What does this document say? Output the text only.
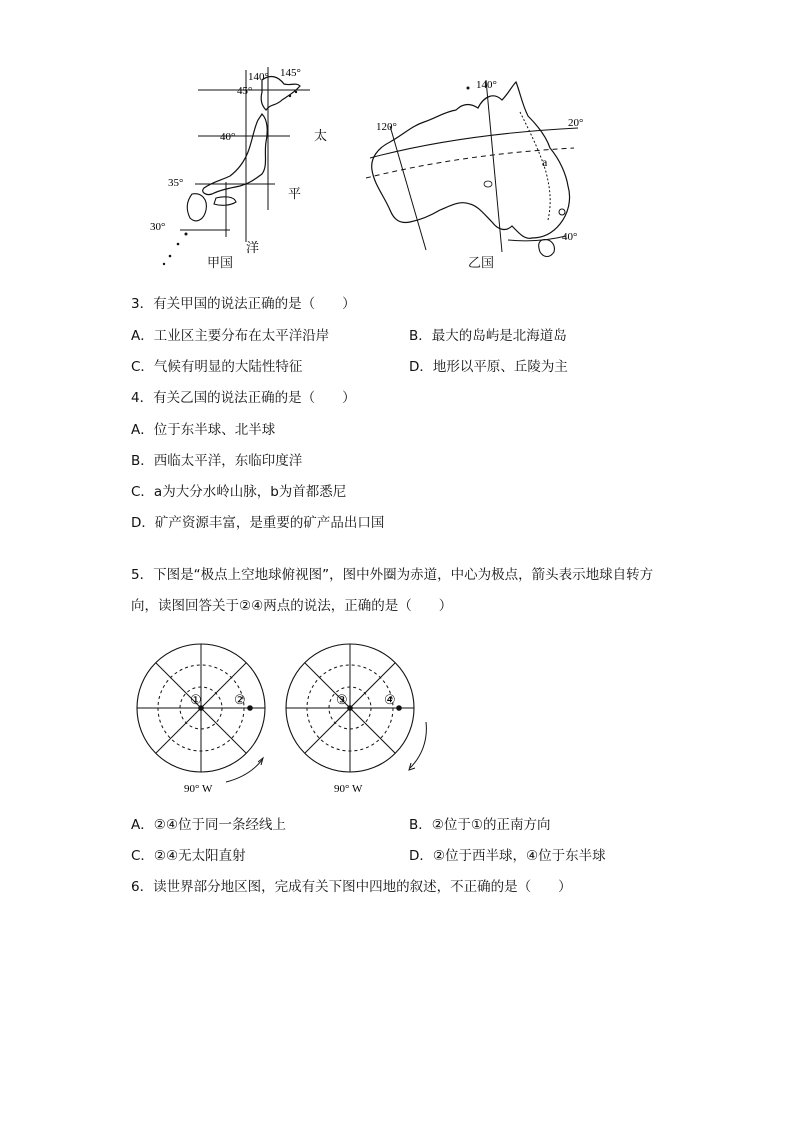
140° 145°
45°
40°
35°
30°
太
平
洋
甲国
140°
120°	20°
40°
a
乙国
3．有关甲国的说法正确的是（　　）
A．工业区主要分布在太平洋沿岸	B．最大的岛屿是北海道岛
C．气候有明显的大陆性特征	D．地形以平原、丘陵为主
4．有关乙国的说法正确的是（　　）
A．位于东半球、北半球
B．西临太平洋，东临印度洋
C．a为大分水岭山脉，b为首都悉尼
D．矿产资源丰富，是重要的矿产品出口国
5．下图是“极点上空地球俯视图”，图中外圈为赤道，中心为极点，箭头表示地球自转方
向，读图回答关于②④两点的说法，正确的是（　　）
① ②
90° W
③	④
90° W
A．②④位于同一条经线上	B．②位于①的正南方向
C．②④无太阳直射	D．②位于西半球，④位于东半球
6．读世界部分地区图，完成有关下图中四地的叙述，不正确的是（　　）
